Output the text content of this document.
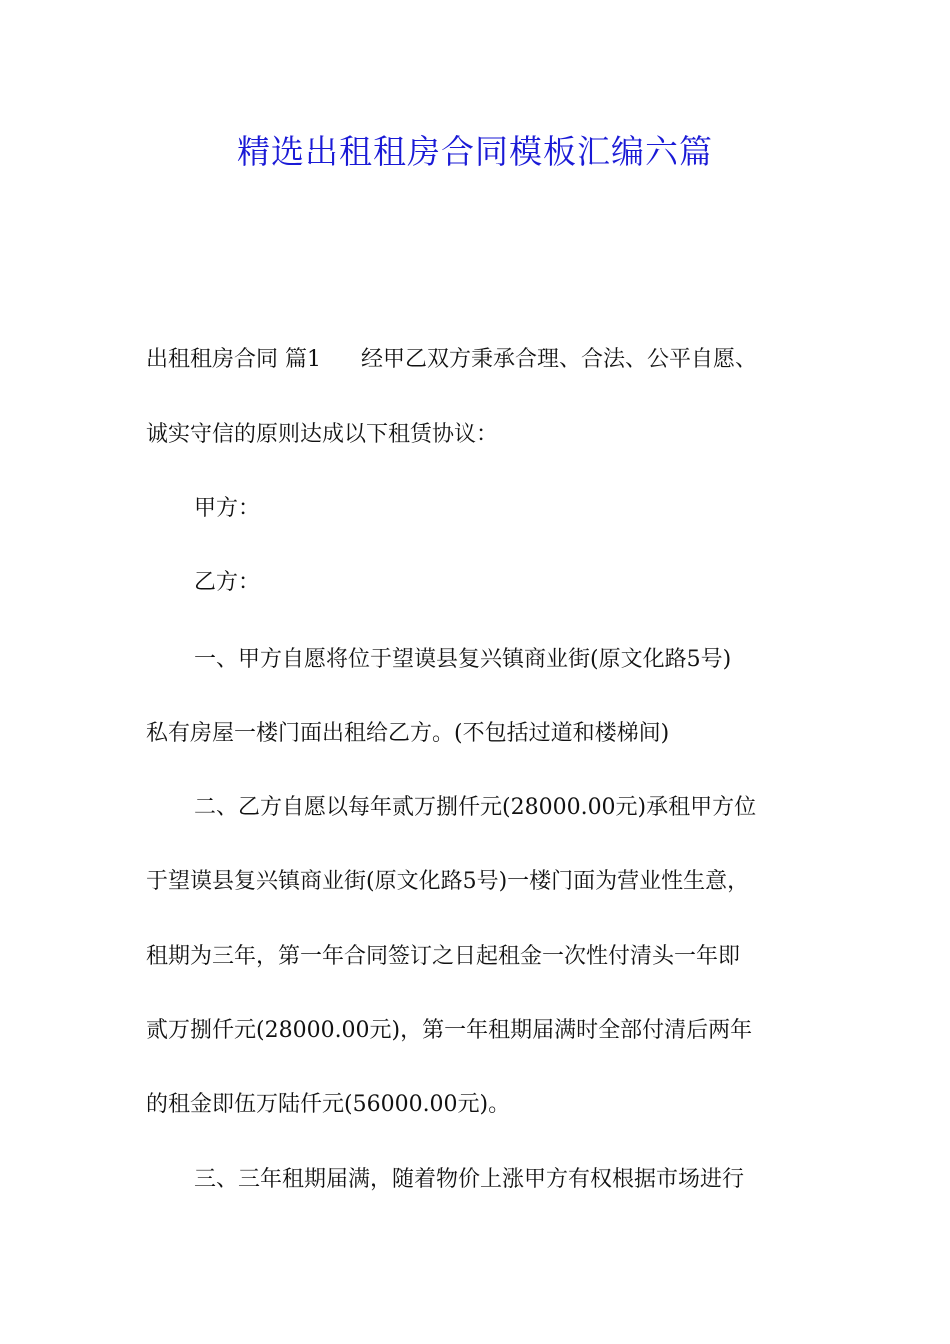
精选出租租房合同模板汇编六篇
出租租房合同 篇1 经甲乙双方秉承合理、合法、公平自愿、
诚实守信的原则达成以下租赁协议：
甲方：
乙方：
一、甲方自愿将位于望谟县复兴镇商业街(原文化路5号)
私有房屋一楼门面出租给乙方。(不包括过道和楼梯间)
二、乙方自愿以每年贰万捌仟元(28000.00元)承租甲方位
于望谟县复兴镇商业街(原文化路5号)一楼门面为营业性生意，
租期为三年，第一年合同签订之日起租金一次性付清头一年即
贰万捌仟元(28000.00元)，第一年租期届满时全部付清后两年
的租金即伍万陆仟元(56000.00元)。
三、三年租期届满，随着物价上涨甲方有权根据市场进行
